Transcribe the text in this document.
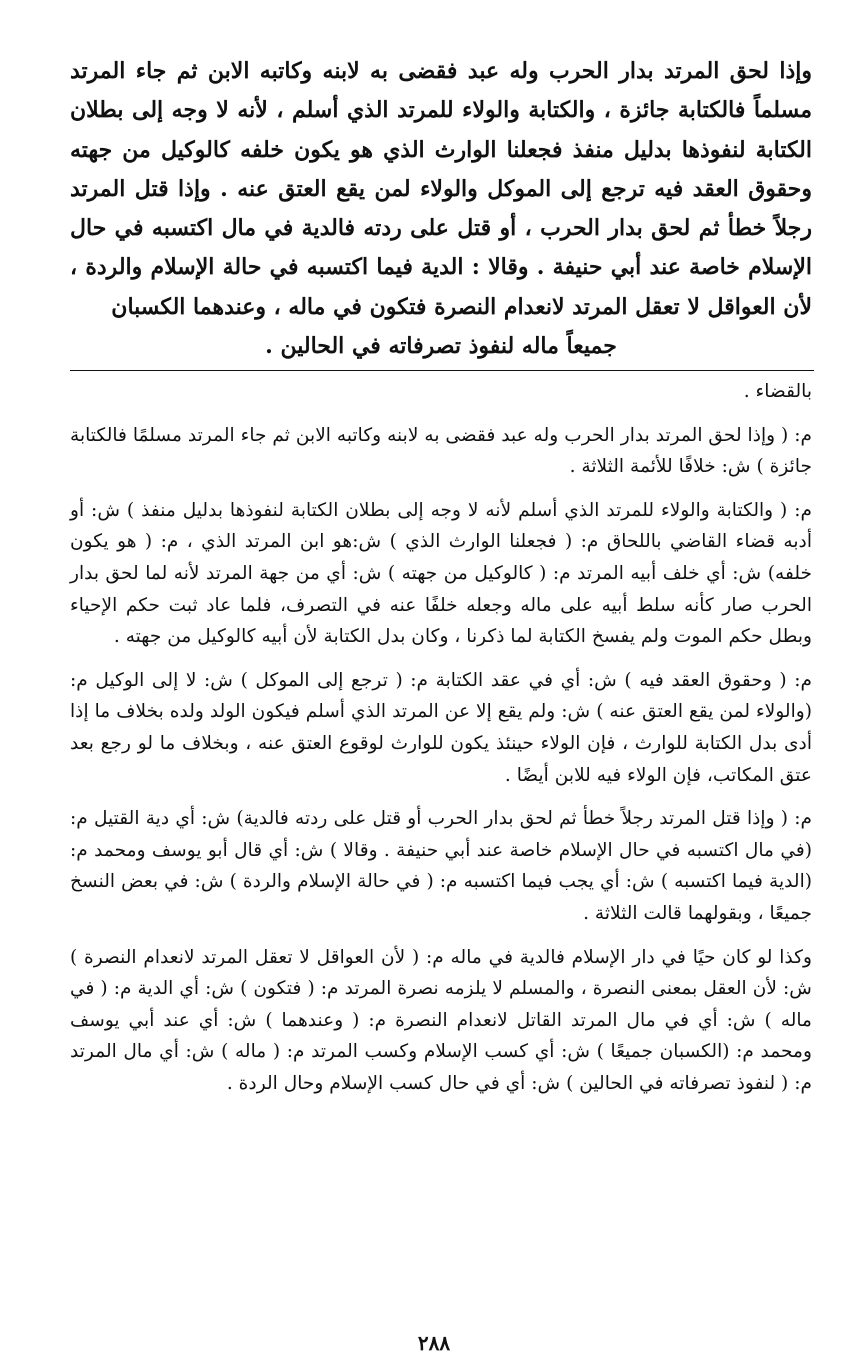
وإذا لحق المرتد بدار الحرب وله عبد فقضى به لابنه وكاتبه الابن ثم جاء المرتد مسلماً فالكتابة جائزة ، والكتابة والولاء للمرتد الذي أسلم ، لأنه لا وجه إلى بطلان الكتابة لنفوذها بدليل منفذ فجعلنا الوارث الذي هو يكون خلفه كالوكيل من جهته وحقوق العقد فيه ترجع إلى الموكل والولاء لمن يقع العتق عنه . وإذا قتل المرتد رجلاً خطأ ثم لحق بدار الحرب ، أو قتل على ردته فالدية في مال اكتسبه في حال الإسلام خاصة عند أبي حنيفة . وقالا : الدية فيما اكتسبه في حالة الإسلام والردة ، لأن العواقل لا تعقل المرتد لانعدام النصرة فتكون في ماله ، وعندهما الكسبان

جميعاً ماله لنفوذ تصرفاته في الحالين .

بالقضاء .

م: ( وإذا لحق المرتد بدار الحرب وله عبد فقضى به لابنه وكاتبه الابن ثم جاء المرتد مسلمًا فالكتابة جائزة ) ش: خلافًا للأئمة الثلاثة .

م: ( والكتابة والولاء للمرتد الذي أسلم لأنه لا وجه إلى بطلان الكتابة لنفوذها بدليل منفذ ) ش: أو أدبه قضاء القاضي باللحاق م: ( فجعلنا الوارث الذي ) ش:هو ابن المرتد الذي ، م: ( هو يكون خلفه) ش: أي خلف أبيه المرتد م: ( كالوكيل من جهته ) ش: أي من جهة المرتد لأنه لما لحق بدار الحرب صار كأنه سلط أبيه على ماله وجعله خلفًا عنه في التصرف، فلما عاد ثبت حكم الإحياء وبطل حكم الموت ولم يفسخ الكتابة لما ذكرنا ، وكان بدل الكتابة لأن أبيه كالوكيل من جهته .

م: ( وحقوق العقد فيه ) ش: أي في عقد الكتابة م: ( ترجع إلى الموكل ) ش: لا إلى الوكيل م: (والولاء لمن يقع العتق عنه ) ش: ولم يقع إلا عن المرتد الذي أسلم فيكون الولد ولده بخلاف ما إذا أدى بدل الكتابة للوارث ، فإن الولاء حينئذ يكون للوارث لوقوع العتق عنه ، وبخلاف ما لو رجع بعد عتق المكاتب، فإن الولاء فيه للابن أيضًا .

م: ( وإذا قتل المرتد رجلاً خطأ ثم لحق بدار الحرب أو قتل على ردته فالدية) ش: أي دية القتيل م: (في مال اكتسبه في حال الإسلام خاصة عند أبي حنيفة . وقالا ) ش: أي قال أبو يوسف ومحمد م: (الدية فيما اكتسبه ) ش: أي يجب فيما اكتسبه م: ( في حالة الإسلام والردة ) ش: في بعض النسخ جميعًا ، وبقولهما قالت الثلاثة .

وكذا لو كان حيًا في دار الإسلام فالدية في ماله م: ( لأن العواقل لا تعقل المرتد لانعدام النصرة ) ش: لأن العقل بمعنى النصرة ، والمسلم لا يلزمه نصرة المرتد م: ( فتكون ) ش: أي الدية م: ( في ماله ) ش: أي في مال المرتد القاتل لانعدام النصرة م: ( وعندهما ) ش: أي عند أبي يوسف ومحمد م: (الكسبان جميعًا ) ش: أي كسب الإسلام وكسب المرتد م: ( ماله ) ش: أي مال المرتد م: ( لنفوذ تصرفاته في الحالين ) ش: أي في حال كسب الإسلام وحال الردة .

٢٨٨
